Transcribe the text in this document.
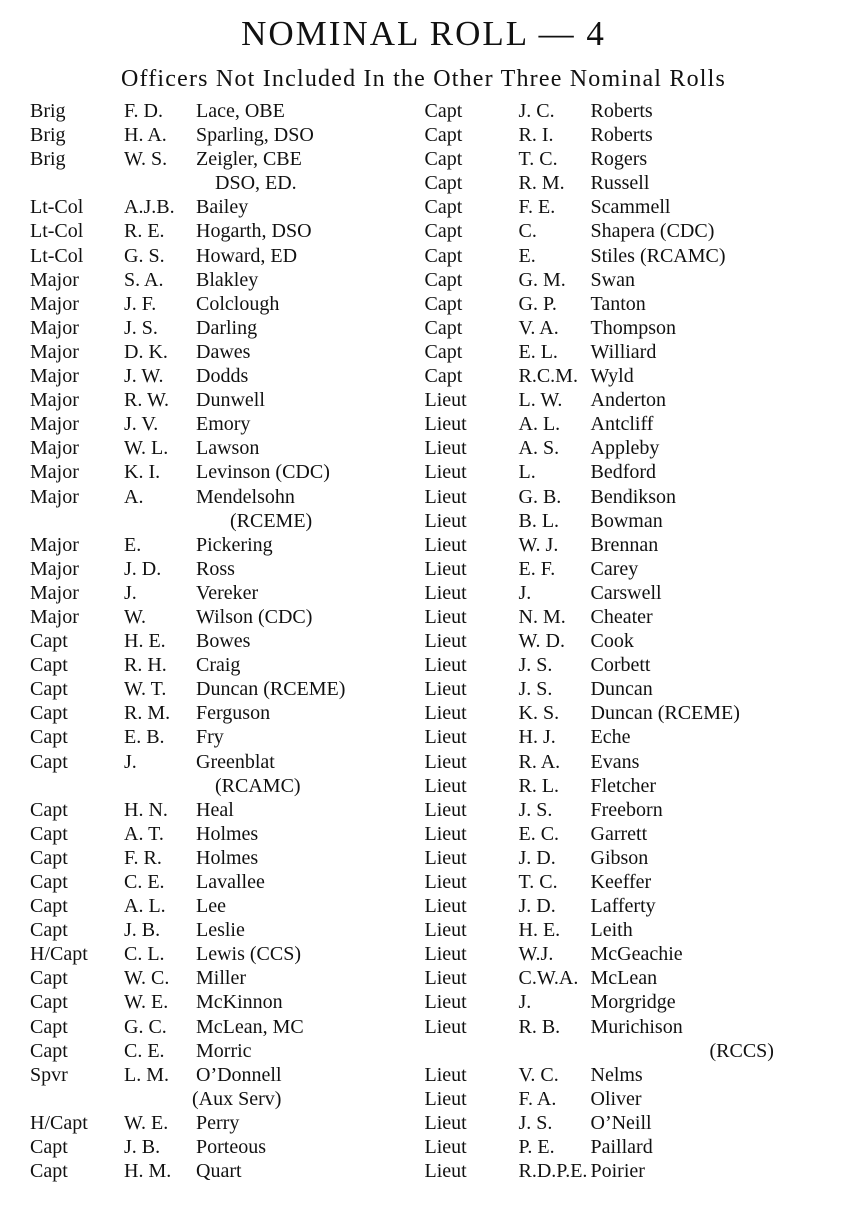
NOMINAL ROLL — 4
Officers Not Included In the Other Three Nominal Rolls
Brig	F. D.	Lace, OBE
Brig	H. A.	Sparling, DSO
Brig	W. S.	Zeigler, CBE
DSO, ED.
Lt-Col	A.J.B.	Bailey
Lt-Col	R. E.	Hogarth, DSO
Lt-Col	G. S.	Howard, ED
Major	S. A.	Blakley
Major	J. F.	Colclough
Major	J. S.	Darling
Major	D. K.	Dawes
Major	J. W.	Dodds
Major	R. W.	Dunwell
Major	J. V.	Emory
Major	W. L.	Lawson
Major	K. I.	Levinson (CDC)
Major	A.	Mendelsohn
(RCEME)
Major	E.	Pickering
Major	J. D.	Ross
Major	J.	Vereker
Major	W.	Wilson (CDC)
Capt	H. E.	Bowes
Capt	R. H.	Craig
Capt	W. T.	Duncan (RCEME)
Capt	R. M.	Ferguson
Capt	E. B.	Fry
Capt	J.	Greenblat
(RCAMC)
Capt	H. N.	Heal
Capt	A. T.	Holmes
Capt	F. R.	Holmes
Capt	C. E.	Lavallee
Capt	A. L.	Lee
Capt	J. B.	Leslie
H/Capt	C. L.	Lewis (CCS)
Capt	W. C.	Miller
Capt	W. E.	McKinnon
Capt	G. C.	McLean, MC
Capt	C. E.	Morric
Spvr	L. M.	O’Donnell
(Aux Serv)
H/Capt	W. E.	Perry
Capt	J. B.	Porteous
Capt	H. M.	Quart
Capt	J. C.	Roberts
Capt	R. I.	Roberts
Capt	T. C.	Rogers
Capt	R. M.	Russell
Capt	F. E.	Scammell
Capt	C.	Shapera (CDC)
Capt	E.	Stiles (RCAMC)
Capt	G. M.	Swan
Capt	G. P.	Tanton
Capt	V. A.	Thompson
Capt	E. L.	Williard
Capt	R.C.M. Wyld
Lieut	L. W.	Anderton
Lieut	A. L.	Antcliff
Lieut	A. S.	Appleby
Lieut	L.	Bedford
Lieut	G. B.	Bendikson
Lieut	B. L.	Bowman
Lieut	W. J.	Brennan
Lieut	E. F.	Carey
Lieut	J.	Carswell
Lieut	N. M.	Cheater
Lieut	W. D.	Cook
Lieut	J. S.	Corbett
Lieut	J. S.	Duncan
Lieut	K. S.	Duncan (RCEME)
Lieut	H. J.	Eche
Lieut	R. A.	Evans
Lieut	R. L.	Fletcher
Lieut	J. S.	Freeborn
Lieut	E. C.	Garrett
Lieut	J. D.	Gibson
Lieut	T. C.	Keeffer
Lieut	J. D.	Lafferty
Lieut	H. E.	Leith
Lieut	W.J.	McGeachie
Lieut	C.W.A. McLean
Lieut	J.	Morgridge
Lieut	R. B.	Murichison
(RCCS)
Lieut	V. C.	Nelms
Lieut	F. A.	Oliver
Lieut	J. S.	O’Neill
Lieut	P. E.	Paillard
Lieut	R.D.P.E. Poirier
